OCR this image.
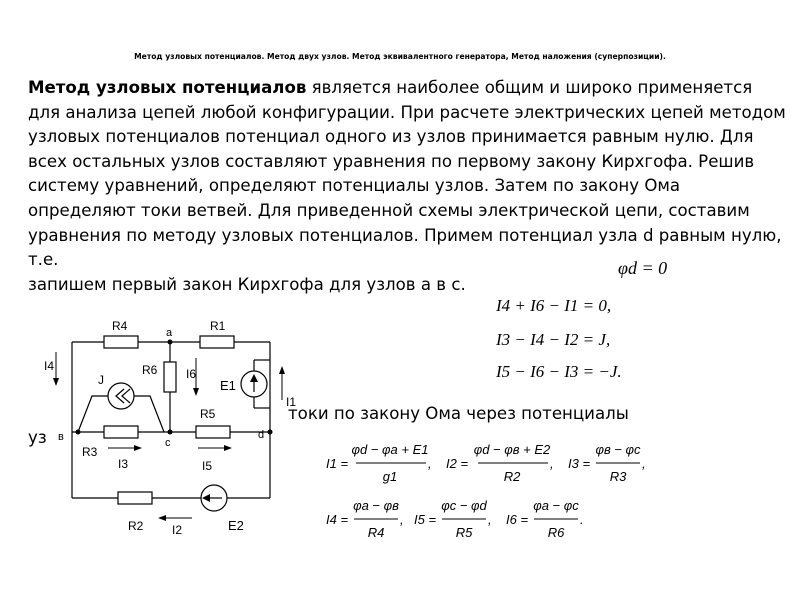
Метод узловых потенциалов. Метод двух узлов. Метод эквивалентного генератора, Метод наложения (суперпозиции).

Метод узловых потенциалов является наиболее общим и широко применяется для анализа цепей любой конфигурации. При расчете электрических цепей методом узловых потенциалов потенциал одного из узлов принимается равным нулю. Для всех остальных узлов составляют уравнения по первому закону Кирхгофа. Решив систему уравнений, определяют потенциалы узлов. Затем по закону Ома определяют токи ветвей. Для приведенной схемы электрической цепи, составим уравнения по методу узловых потенциалов. Примем потенциал узла d равным нулю, т.е.
запишем первый закон Кирхгофа для узлов а в с.

токи по закону Ома через потенциалы
уз
φd = 0
I4 + I6 − I1 = 0,
I3 − I4 − I2 = J,
I5 − I6 − I3 = −J.
I1 =
φd − φa + E1
g1
, I2 =
φd − φв + E2
R2
, I3 =
φв − φc
R3
,
I4 =
φa − φв
R4
, I5 =
φc − φd
R5
, I6 =
φa − φc
R6
.
R4	R1
R6 I6
E1
I1
I4
J
R5
R3
I3	I5
R2 I2	E2
а
в	с
d
